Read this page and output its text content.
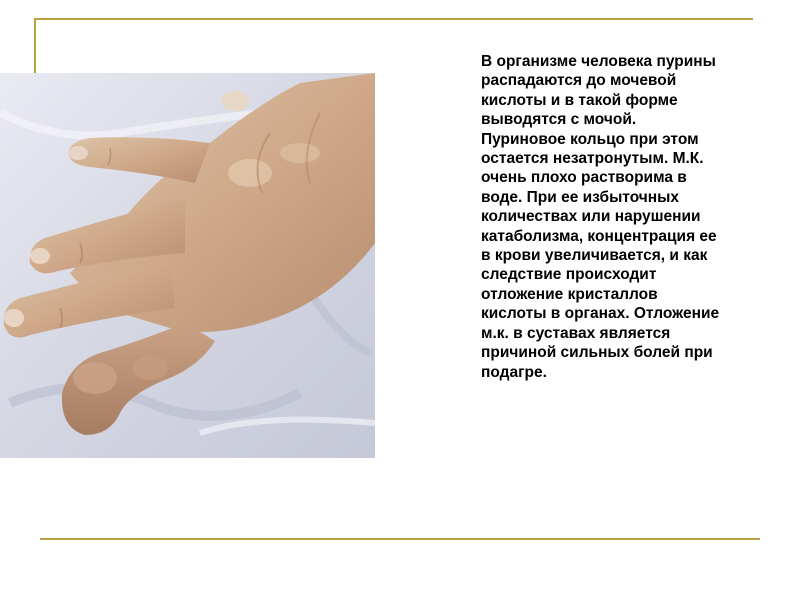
В организме человека пурины
распадаются до мочевой
кислоты и в такой форме
выводятся с мочой.
Пуриновое кольцо при этом
остается незатронутым. М.К.
очень плохо растворима в
воде. При ее избыточных
количествах или нарушении
катаболизма, концентрация ее
в крови увеличивается, и как
следствие происходит
отложение кристаллов
кислоты в органах. Отложение
м.к. в суставах является
причиной сильных болей при
подагре.
